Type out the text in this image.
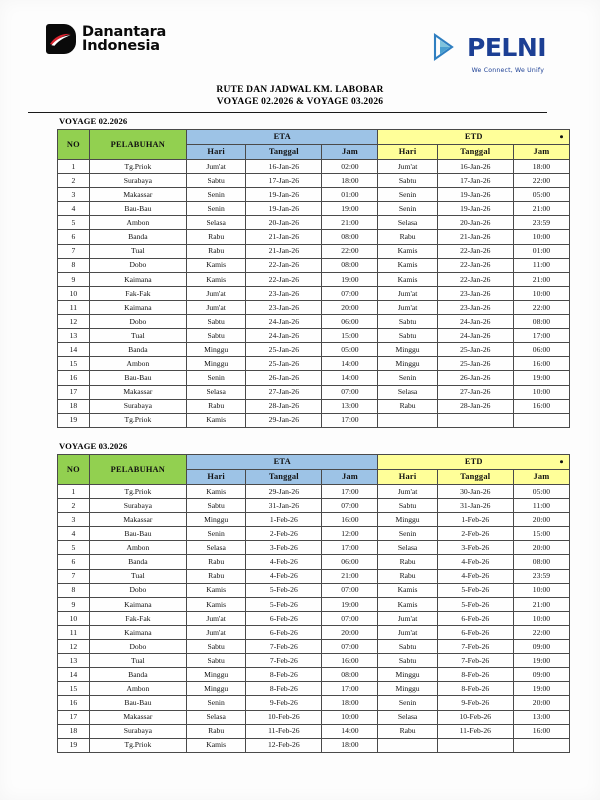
Danantara
Indonesia	PELNI
We Connect, We Unify
RUTE DAN JADWAL KM. LABOBAR
VOYAGE 02.2026 & VOYAGE 03.2026
VOYAGE 02.2026
NO	PELABUHAN	ETA			ETD		

		Hari	Tanggal	Jam	Hari	Tanggal	Jam
1	Tg.Priok	Jum'at	16-Jan-26	02:00	Jum'at	16-Jan-26	18:00
2	Surabaya	Sabtu	17-Jan-26	18:00	Sabtu	17-Jan-26	22:00
3	Makassar	Senin	19-Jan-26	01:00	Senin	19-Jan-26	05:00
4	Bau-Bau	Senin	19-Jan-26	19:00	Senin	19-Jan-26	21:00
5	Ambon	Selasa	20-Jan-26	21:00	Selasa	20-Jan-26	23:59
6	Banda	Rabu	21-Jan-26	08:00	Rabu	21-Jan-26	10:00
7	Tual	Rabu	21-Jan-26	22:00	Kamis	22-Jan-26	01:00
8	Dobo	Kamis	22-Jan-26	08:00	Kamis	22-Jan-26	11:00
9	Kaimana	Kamis	22-Jan-26	19:00	Kamis	22-Jan-26	21:00
10	Fak-Fak	Jum'at	23-Jan-26	07:00	Jum'at	23-Jan-26	10:00
11	Kaimana	Jum'at	23-Jan-26	20:00	Jum'at	23-Jan-26	22:00
12	Dobo	Sabtu	24-Jan-26	06:00	Sabtu	24-Jan-26	08:00
13	Tual	Sabtu	24-Jan-26	15:00	Sabtu	24-Jan-26	17:00
14	Banda	Minggu	25-Jan-26	05:00	Minggu	25-Jan-26	06:00
15	Ambon	Minggu	25-Jan-26	14:00	Minggu	25-Jan-26	16:00
16	Bau-Bau	Senin	26-Jan-26	14:00	Senin	26-Jan-26	19:00
17	Makassar	Selasa	27-Jan-26	07:00	Selasa	27-Jan-26	10:00
18	Surabaya	Rabu	28-Jan-26	13:00	Rabu	28-Jan-26	16:00
19	Tg.Priok	Kamis	29-Jan-26	17:00			
VOYAGE 03.2026
NO	PELABUHAN	ETA			ETD		

		Hari	Tanggal	Jam	Hari	Tanggal	Jam
1	Tg.Priok	Kamis	29-Jan-26	17:00	Jum'at	30-Jan-26	05:00
2	Surabaya	Sabtu	31-Jan-26	07:00	Sabtu	31-Jan-26	11:00
3	Makassar	Minggu	1-Feb-26	16:00	Minggu	1-Feb-26	20:00
4	Bau-Bau	Senin	2-Feb-26	12:00	Senin	2-Feb-26	15:00
5	Ambon	Selasa	3-Feb-26	17:00	Selasa	3-Feb-26	20:00
6	Banda	Rabu	4-Feb-26	06:00	Rabu	4-Feb-26	08:00
7	Tual	Rabu	4-Feb-26	21:00	Rabu	4-Feb-26	23:59
8	Dobo	Kamis	5-Feb-26	07:00	Kamis	5-Feb-26	10:00
9	Kaimana	Kamis	5-Feb-26	19:00	Kamis	5-Feb-26	21:00
10	Fak-Fak	Jum'at	6-Feb-26	07:00	Jum'at	6-Feb-26	10:00
11	Kaimana	Jum'at	6-Feb-26	20:00	Jum'at	6-Feb-26	22:00
12	Dobo	Sabtu	7-Feb-26	07:00	Sabtu	7-Feb-26	09:00
13	Tual	Sabtu	7-Feb-26	16:00	Sabtu	7-Feb-26	19:00
14	Banda	Minggu	8-Feb-26	08:00	Minggu	8-Feb-26	09:00
15	Ambon	Minggu	8-Feb-26	17:00	Minggu	8-Feb-26	19:00
16	Bau-Bau	Senin	9-Feb-26	18:00	Senin	9-Feb-26	20:00
17	Makassar	Selasa	10-Feb-26	10:00	Selasa	10-Feb-26	13:00
18	Surabaya	Rabu	11-Feb-26	14:00	Rabu	11-Feb-26	16:00
19	Tg.Priok	Kamis	12-Feb-26	18:00			
